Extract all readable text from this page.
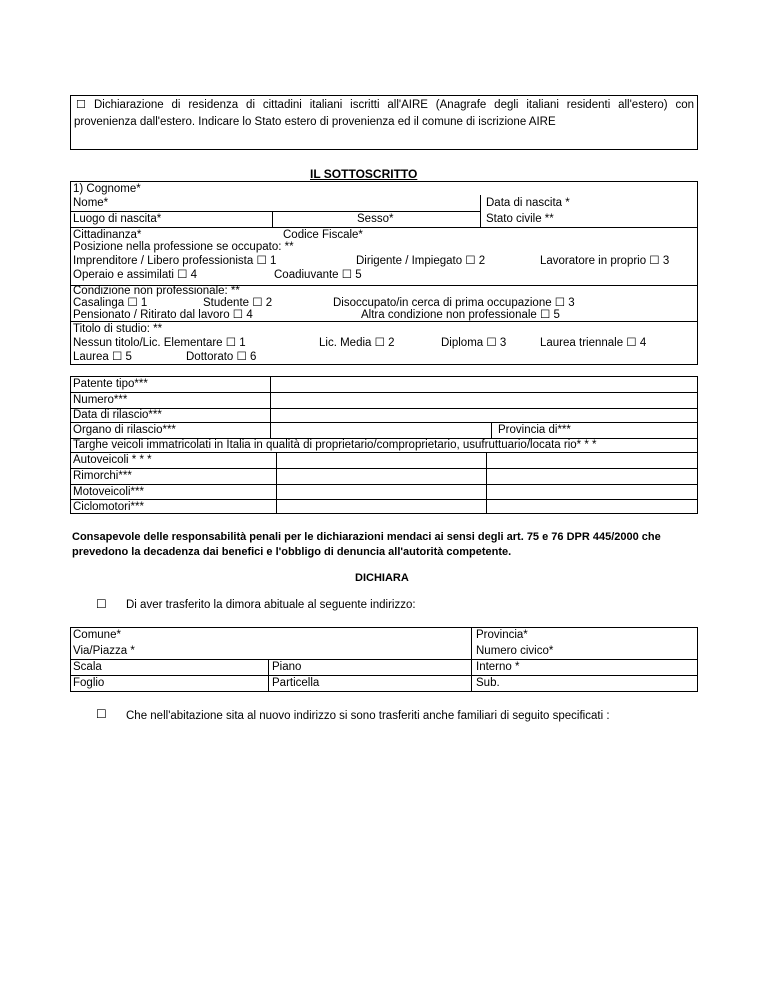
☐ Dichiarazione di residenza di cittadini italiani iscritti all'AIRE (Anagrafe degli italiani residenti all'estero) con provenienza dall'estero. Indicare lo Stato estero di provenienza ed il comune di iscrizione AIRE
IL SOTTOSCRITTO
1) Cognome*
Nome*	Data di nascita *
Luogo di nascita*	Sesso*	Stato civile **
Cittadinanza*	Codice Fiscale*
Posizione nella professione se occupato: **
Imprenditore / Libero professionista ☐ 1	Dirigente / Impiegato ☐ 2	Lavoratore in proprio ☐ 3
Operaio e assimilati ☐ 4	Coadiuvante ☐ 5
Condizione non professionale: **
Casalinga ☐ 1	Studente ☐ 2	Disoccupato/in cerca di prima occupazione ☐ 3
Pensionato / Ritirato dal lavoro ☐ 4	Altra condizione non professionale ☐ 5
Titolo di studio: **
Nessun titolo/Lic. Elementare ☐ 1	Lic. Media ☐ 2	Diploma ☐ 3	Laurea triennale ☐ 4
Laurea ☐ 5	Dottorato ☐ 6
Patente tipo***
Numero***
Data di rilascio***
Organo di rilascio***	Provincia di***
Targhe veicoli immatricolati in Italia in qualità di proprietario/comproprietario, usufruttuario/locata rio* * *
Autoveicoli * * *
Rimorchi***
Motoveicoli***
Ciclomotori***
Consapevole delle responsabilità penali per le dichiarazioni mendaci ai sensi degli art. 75 e 76 DPR 445/2000 che prevedono la decadenza dai benefici e l'obbligo di denuncia all'autorità competente.
DICHIARA
☐ Di aver trasferito la dimora abituale al seguente indirizzo:
Comune*	Provincia*
Via/Piazza *	Numero civico*
Scala	Piano	Interno *
Foglio	Particella	Sub.
☐ Che nell'abitazione sita al nuovo indirizzo si sono trasferiti anche familiari di seguito specificati :
